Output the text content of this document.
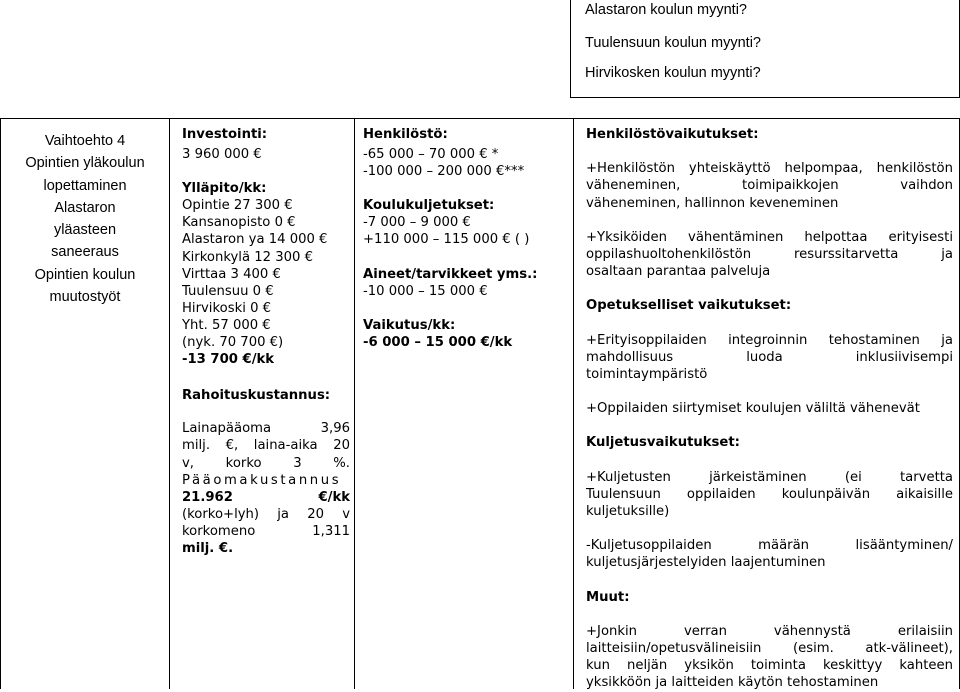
Alastaron koulun myynti?
Tuulensuun koulun myynti?
Hirvikosken koulun myynti?
Vaihtoehto 4
Opintien yläkoulun
lopettaminen
Alastaron
yläasteen
saneeraus
Opintien koulun
muutostyöt
Investointi:
3 960 000 €
Ylläpito/kk:
Opintie 27 300 €
Kansanopisto 0 €
Alastaron ya 14 000 €
Kirkonkylä 12 300 €
Virttaa 3 400 €
Tuulensuu 0 €
Hirvikoski 0 €
Yht. 57 000 €
(nyk. 70 700 €)
-13 700 €/kk
Rahoituskustannus:
Lainapääoma 3,96
milj. €, laina-aika 20
v, korko 3 %.
Pääomakustannus
21.962 €/kk
(korko+lyh) ja 20 v
korkomeno 1,311
milj. €.
Henkilöstö:
-65 000 – 70 000 € *
-100 000 – 200 000 €***
Koulukuljetukset:
-7 000 – 9 000 €
+110 000 – 115 000 € ( )
Aineet/tarvikkeet yms.:
-10 000 – 15 000 €
Vaikutus/kk:
-6 000 – 15 000 €/kk
Henkilöstövaikutukset:
+Henkilöstön yhteiskäyttö helpompaa, henkilöstön
väheneminen, toimipaikkojen vaihdon
väheneminen, hallinnon keveneminen
+Yksiköiden vähentäminen helpottaa erityisesti
oppilashuoltohenkilöstön resurssitarvetta ja
osaltaan parantaa palveluja
Opetukselliset vaikutukset:
+Erityisoppilaiden integroinnin tehostaminen ja
mahdollisuus luoda inklusiivisempi
toimintaympäristö
+Oppilaiden siirtymiset koulujen väliltä vähenevät
Kuljetusvaikutukset:
+Kuljetusten järkeistäminen (ei tarvetta
Tuulensuun oppilaiden koulunpäivän aikaisille
kuljetuksille)
-Kuljetusoppilaiden määrän lisääntyminen/
kuljetusjärjestelyiden laajentuminen
Muut:
+Jonkin verran vähennystä erilaisiin
laitteisiin/opetusvälineisiin (esim. atk-välineet),
kun neljän yksikön toiminta keskittyy kahteen
yksikköön ja laitteiden käytön tehostaminen
